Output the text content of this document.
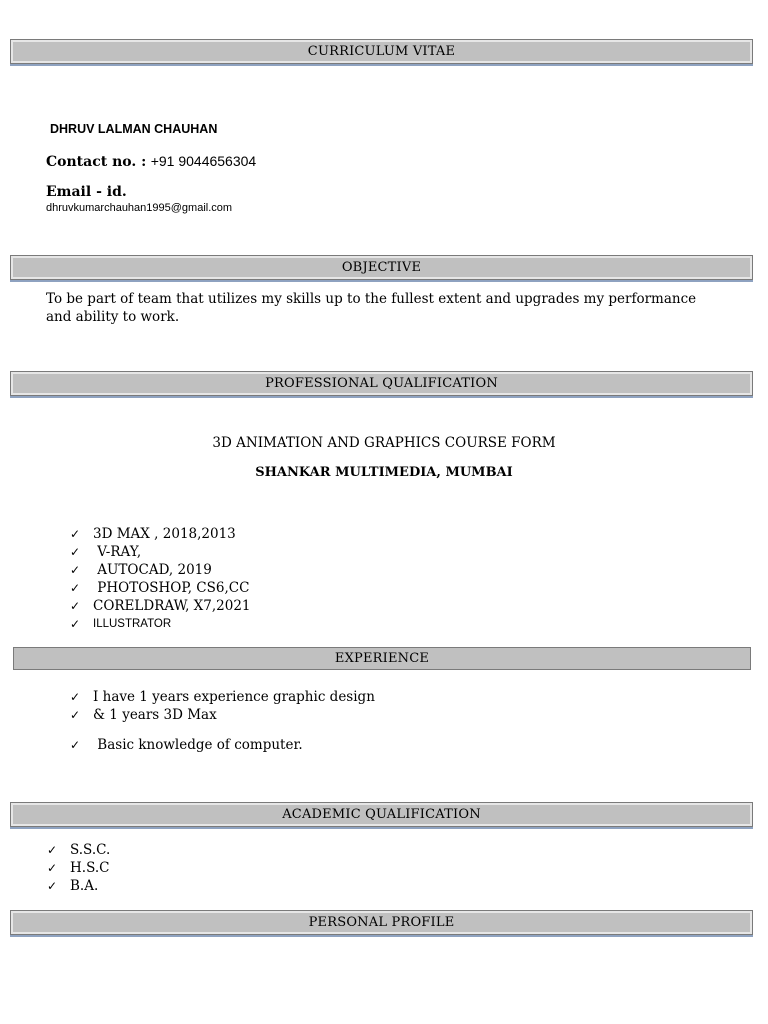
CURRICULUM VITAE
DHRUV LALMAN CHAUHAN
Contact no. : +91 9044656304
Email - id.
dhruvkumarchauhan1995@gmail.com
OBJECTIVE
To be part of team that utilizes my skills up to the fullest extent and upgrades my performance
and ability to work.
PROFESSIONAL QUALIFICATION
3D ANIMATION AND GRAPHICS COURSE FORM
SHANKAR MULTIMEDIA, MUMBAI
✓ 3D MAX , 2018,2013
✓ V-RAY,
✓ AUTOCAD, 2019
✓ PHOTOSHOP, CS6,CC
✓ CORELDRAW, X7,2021
✓ ILLUSTRATOR
EXPERIENCE
✓ I have 1 years experience graphic design
✓ & 1 years 3D Max
✓ Basic knowledge of computer.
ACADEMIC QUALIFICATION
✓ S.S.C.
✓ H.S.C
✓ B.A.
PERSONAL PROFILE
